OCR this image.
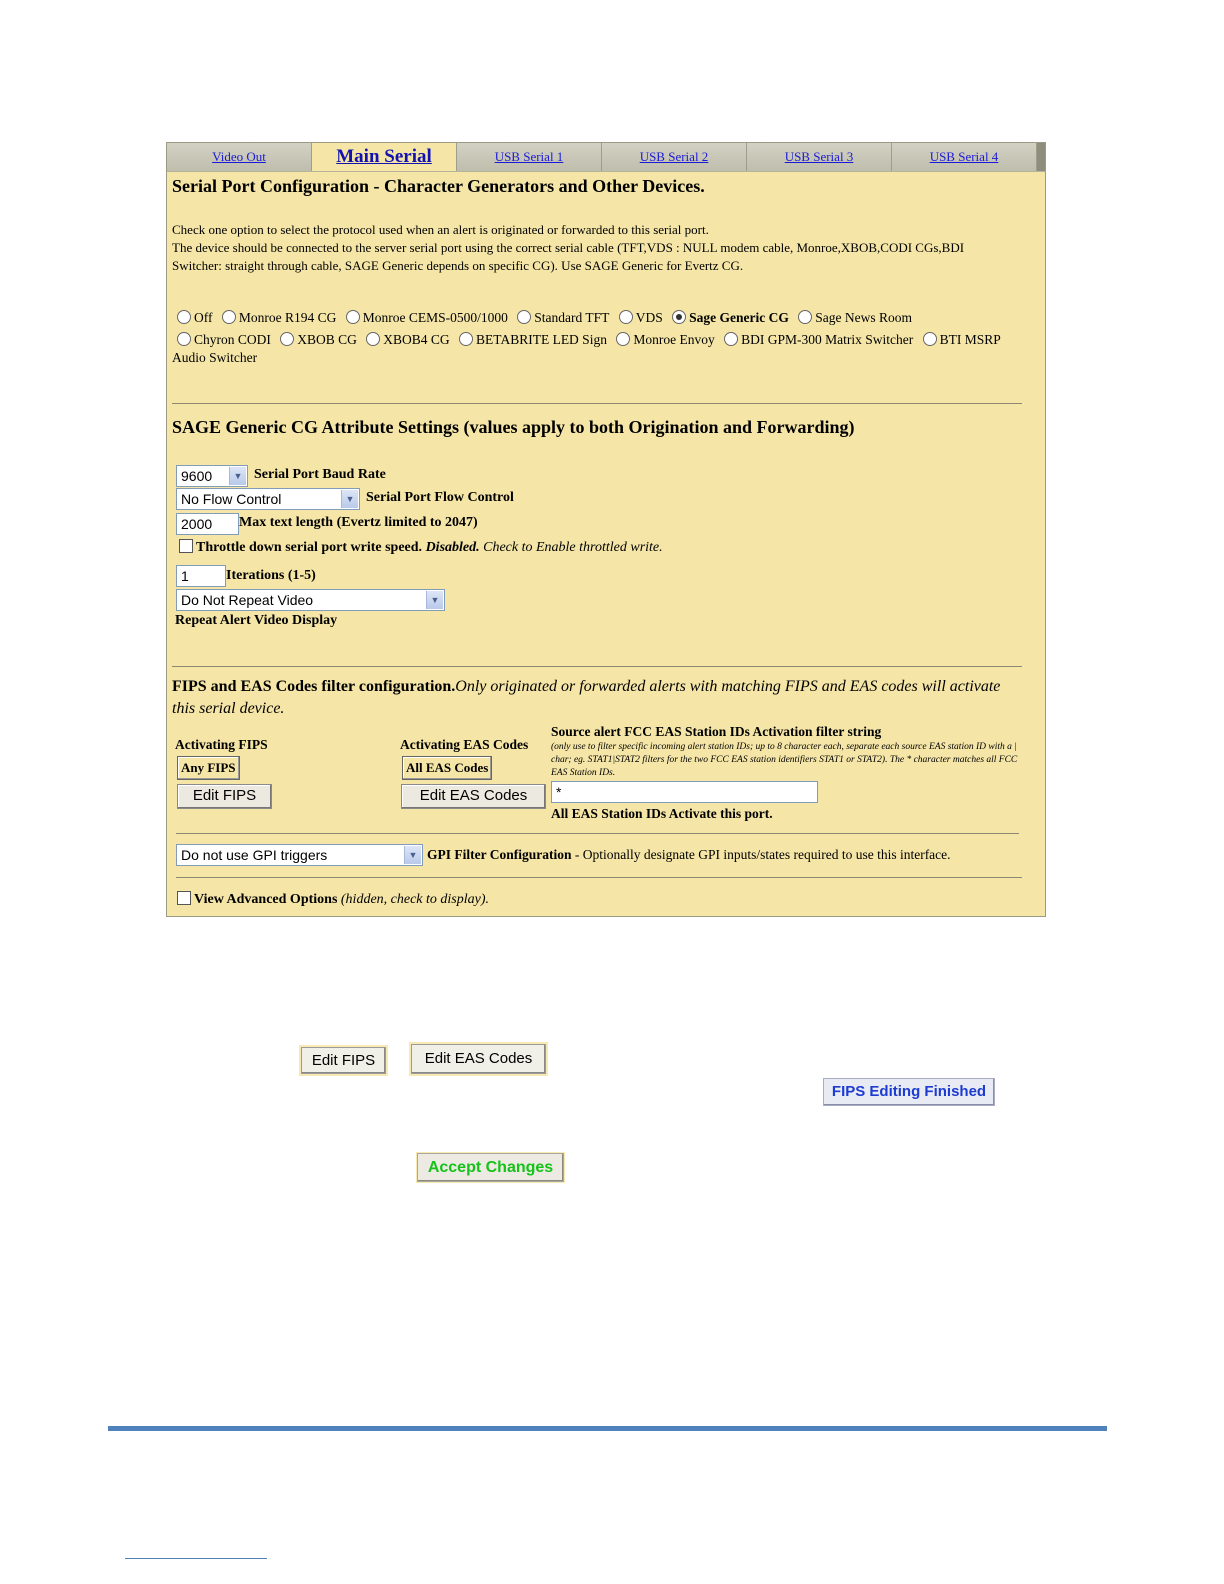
Video Out	Main Serial	USB Serial 1	USB Serial 2	USB Serial 3	USB Serial 4
Serial Port Configuration - Character Generators and Other Devices.
Check one option to select the protocol used when an alert is originated or forwarded to this serial port.
The device should be connected to the server serial port using the correct serial cable (TFT,VDS : NULL modem cable, Monroe,XBOB,CODI CGs,BDI Switcher: straight through cable, SAGE Generic depends on specific CG). Use SAGE Generic for Evertz CG.
Off Monroe R194 CG Monroe CEMS-0500/1000 Standard TFT VDS Sage Generic CG Sage News Room
Chyron CODI XBOB CG XBOB4 CG BETABRITE LED Sign Monroe Envoy BDI GPM-300 Matrix Switcher BTI MSRP
Audio Switcher
SAGE Generic CG Attribute Settings (values apply to both Origination and Forwarding)
9600	▼ Serial Port Baud Rate
No Flow Control	▼ Serial Port Flow Control
2000	Max text length (Evertz limited to 2047)
Throttle down serial port write speed. Disabled. Check to Enable throttled write.
1	Iterations (1-5)
Do Not Repeat Video	▼
Repeat Alert Video Display
FIPS and EAS Codes filter configuration.Only originated or forwarded alerts with matching FIPS and EAS codes will activate this serial device.
Activating FIPS
Any FIPS
Edit FIPS
Activating EAS Codes
All EAS Codes
Edit EAS Codes
Source alert FCC EAS Station IDs Activation filter string
(only use to filter specific incoming alert station IDs; up to 8 character each, separate each source EAS station ID with a | char; eg. STAT1|STAT2 filters for the two FCC EAS station identifiers STAT1 or STAT2). The * character matches all FCC EAS Station IDs.
*
All EAS Station IDs Activate this port.
Do not use GPI triggers	▼ GPI Filter Configuration - Optionally designate GPI inputs/states required to use this interface.
View Advanced Options (hidden, check to display).
Edit FIPS	Edit EAS Codes
FIPS Editing Finished
Accept Changes
